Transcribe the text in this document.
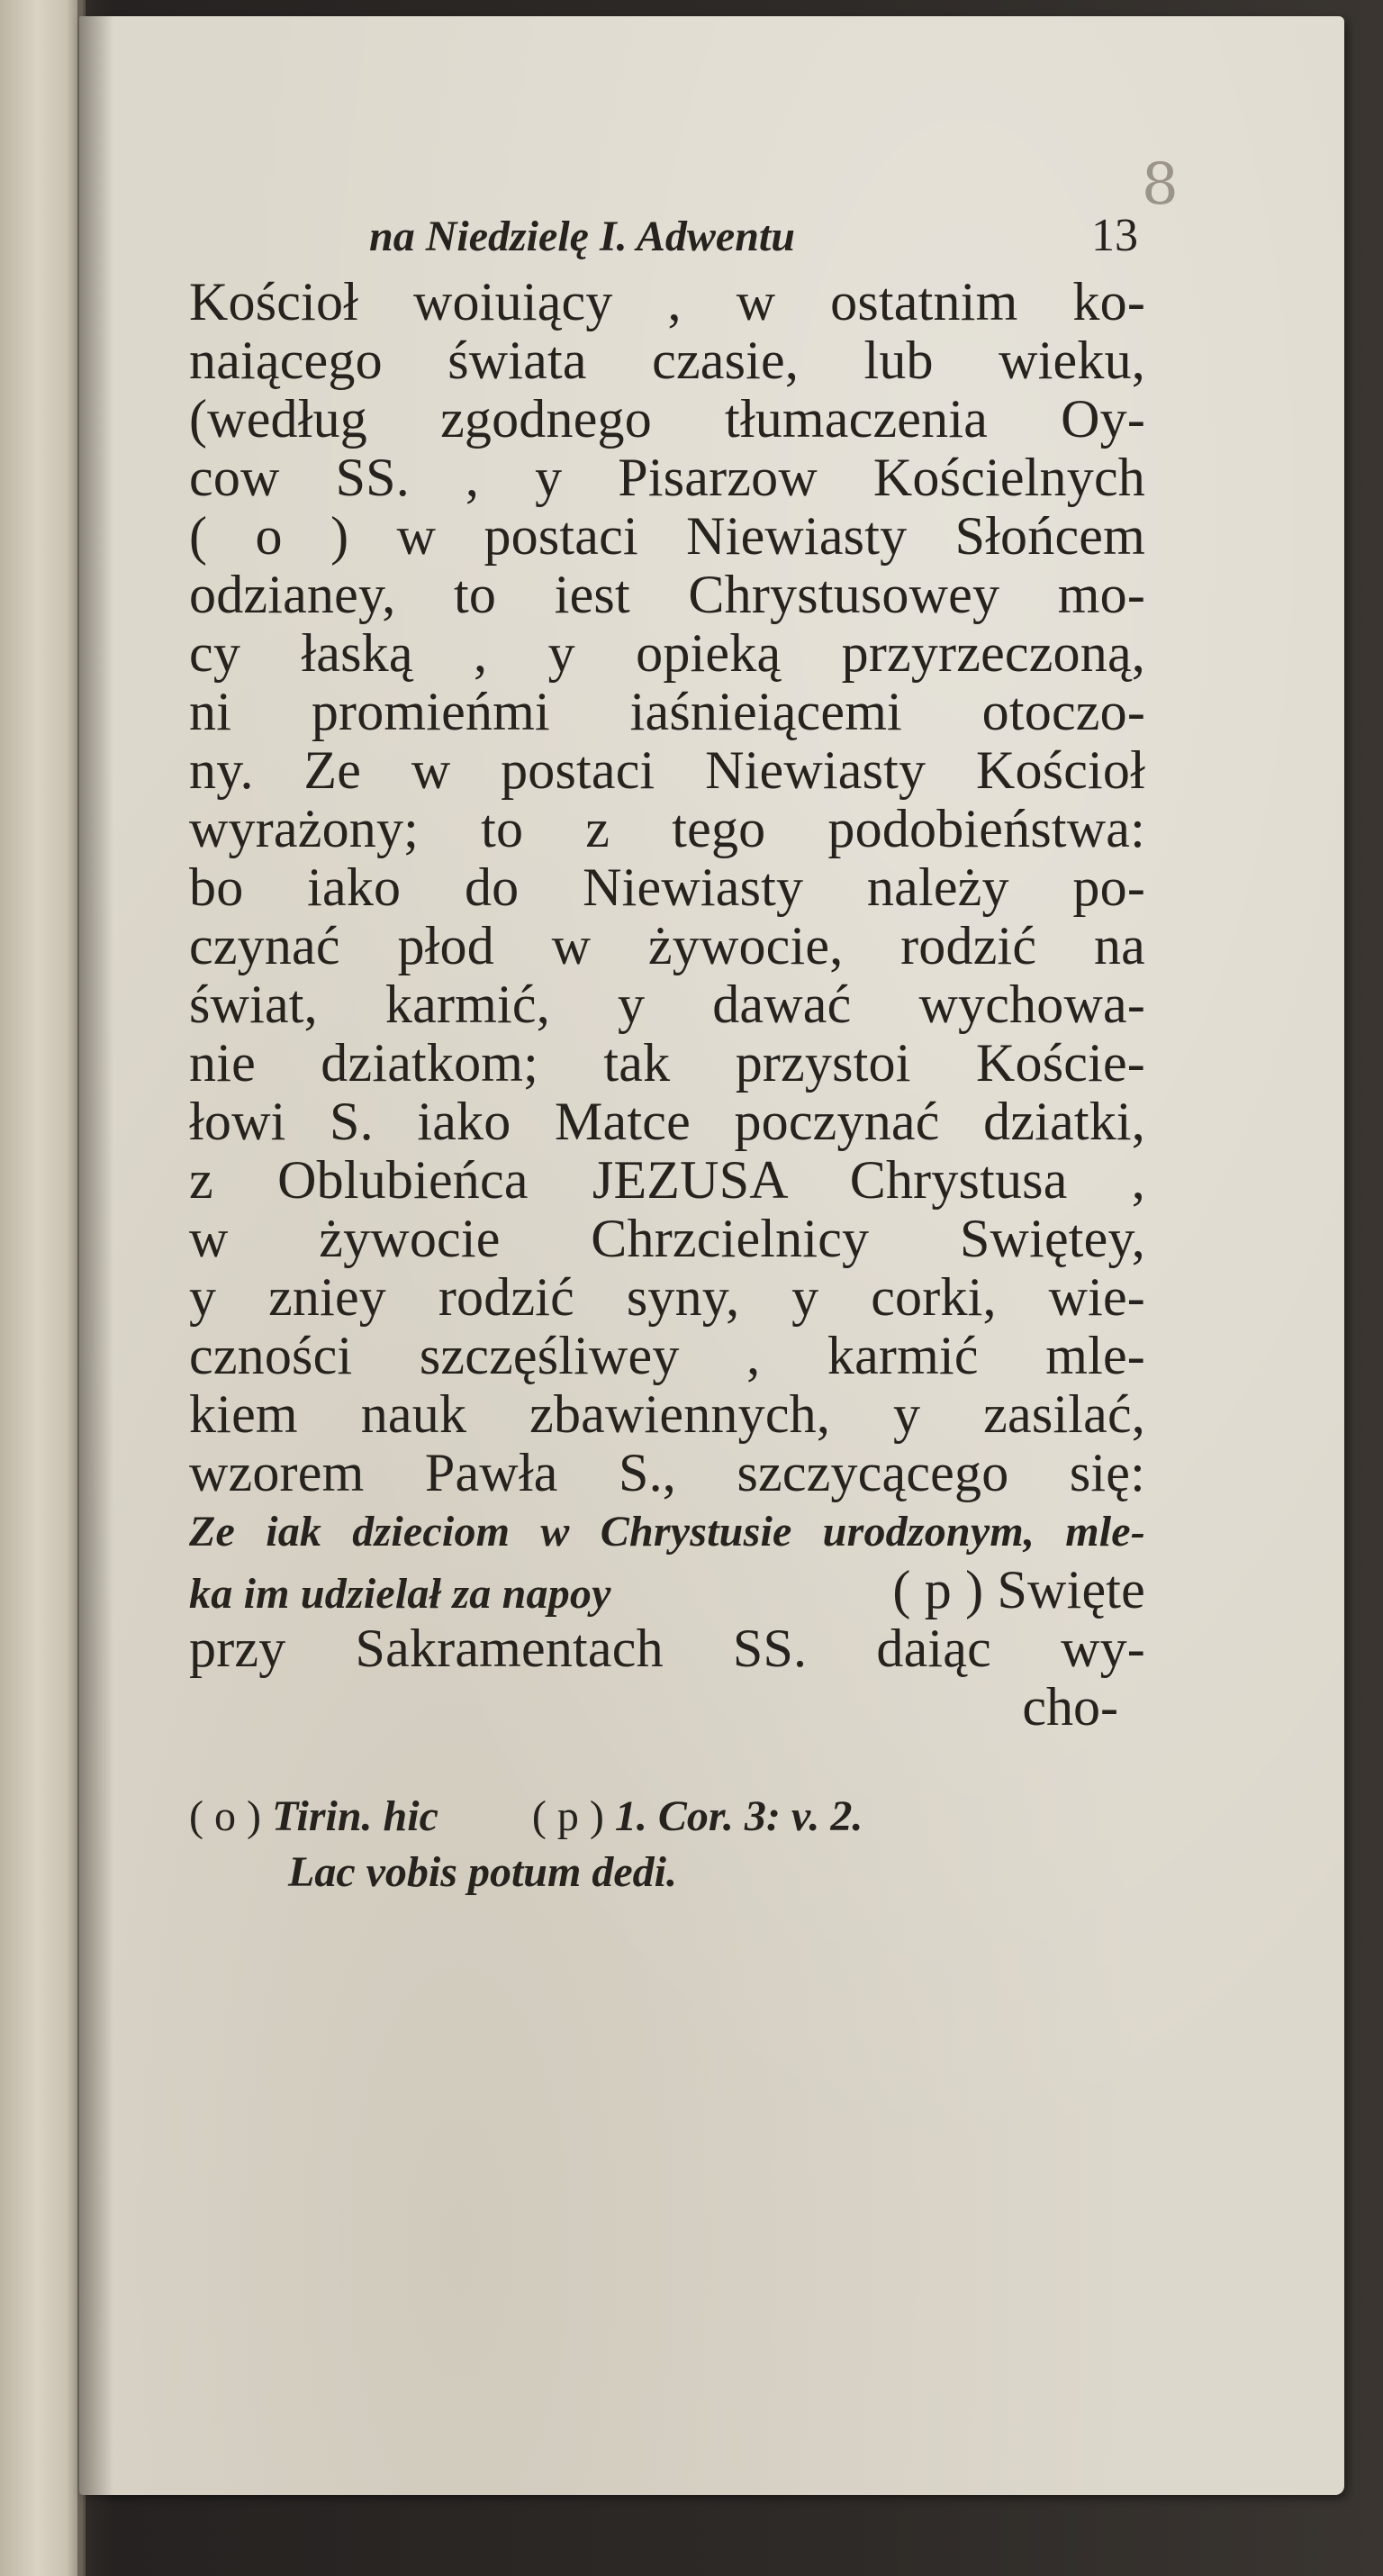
8
na Niedzielę I. Adwentu	13
Kościoł woiuiący , w ostatnim ko-
naiącego świata czasie, lub wieku,
(według zgodnego tłumaczenia Oy-
cow SS. , y Pisarzow Kościelnych
( o ) w postaci Niewiasty Słońcem
odzianey, to iest Chrystusowey mo-
cy łaską , y opieką przyrzeczoną,
ni promieńmi iaśnieiącemi otoczo-
ny. Ze w postaci Niewiasty Kościoł
wyrażony; to z tego podobieństwa:
bo iako do Niewiasty należy po-
czynać płod w żywocie, rodzić na
świat, karmić, y dawać wychowa-
nie dziatkom; tak przystoi Koście-
łowi S. iako Matce poczynać dziatki,
z Oblubieńca JEZUSA Chrystusa ,
w żywocie Chrzcielnicy Swiętey,
y zniey rodzić syny, y corki, wie-
czności szczęśliwey , karmić mle-
kiem nauk zbawiennych, y zasilać,
wzorem Pawła S., szczycącego się:
Ze iak dzieciom w Chrystusie urodzonym, mle-
ka im udzielał za napoy	( p ) Swięte
przy Sakramentach SS. daiąc wy-
cho-
( o ) Tirin. hic ( p ) 1. Cor. 3: v. 2.
Lac vobis potum dedi.
